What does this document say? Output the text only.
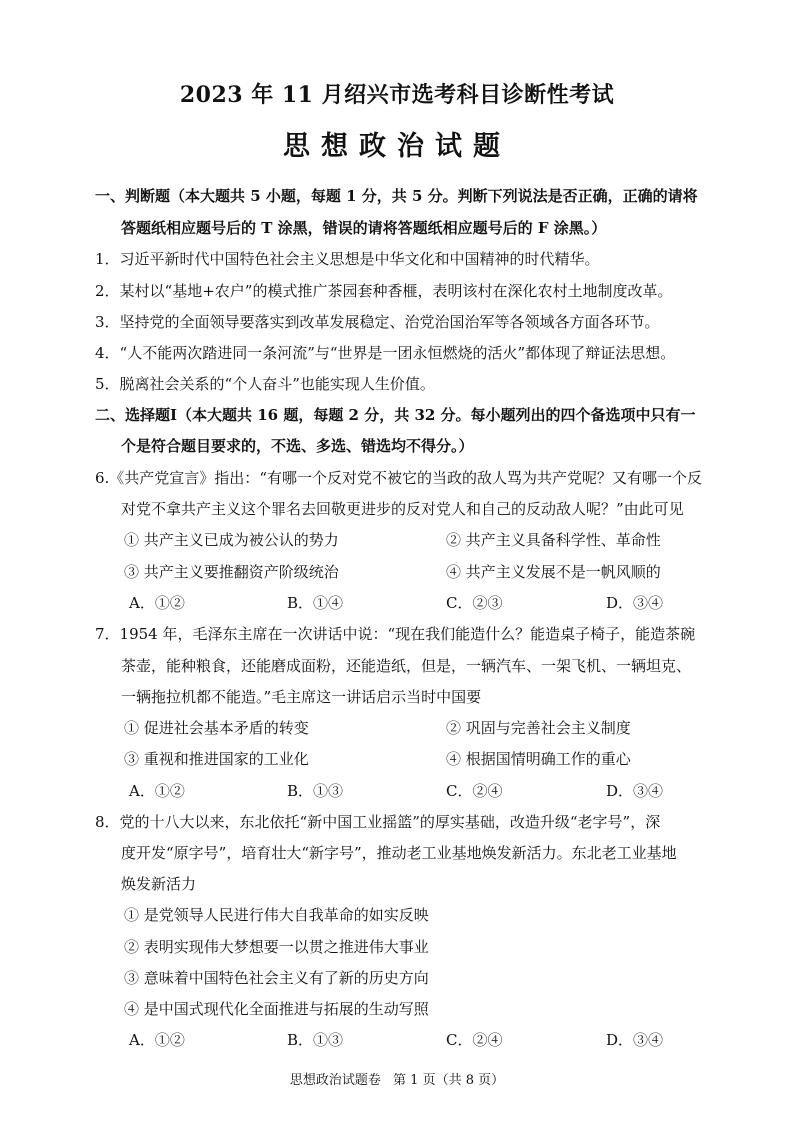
2023 年 11 月绍兴市选考科目诊断性考试
思想政治试题
一、判断题（本大题共 5 小题，每题 1 分，共 5 分。判断下列说法是否正确，正确的请将
答题纸相应题号后的 T 涂黑，错误的请将答题纸相应题号后的 F 涂黑。）
1．习近平新时代中国特色社会主义思想是中华文化和中国精神的时代精华。
2．某村以“基地+农户”的模式推广茶园套种香榧，表明该村在深化农村土地制度改革。
3．坚持党的全面领导要落实到改革发展稳定、治党治国治军等各领域各方面各环节。
4．“人不能两次踏进同一条河流”与“世界是一团永恒燃烧的活火”都体现了辩证法思想。
5．脱离社会关系的“个人奋斗”也能实现人生价值。
二、选择题Ⅰ（本大题共 16 题，每题 2 分，共 32 分。每小题列出的四个备选项中只有一
个是符合题目要求的，不选、多选、错选均不得分。）
6.《共产党宣言》指出：“有哪一个反对党不被它的当政的敌人骂为共产党呢？又有哪一个反
对党不拿共产主义这个罪名去回敬更进步的反对党人和自己的反动敌人呢？”由此可见
① 共产主义已成为被公认的势力	② 共产主义具备科学性、革命性
③ 共产主义要推翻资产阶级统治	④ 共产主义发展不是一帆风顺的
A．①②	B．①④	C．②③	D．③④
7．1954 年，毛泽东主席在一次讲话中说：“现在我们能造什么？能造桌子椅子，能造茶碗
茶壶，能种粮食，还能磨成面粉，还能造纸，但是，一辆汽车、一架飞机、一辆坦克、
一辆拖拉机都不能造。”毛主席这一讲话启示当时中国要
① 促进社会基本矛盾的转变	② 巩固与完善社会主义制度
③ 重视和推进国家的工业化	④ 根据国情明确工作的重心
A．①②	B．①③	C．②④	D．③④
8．党的十八大以来，东北依托“新中国工业摇篮”的厚实基础，改造升级“老字号”，深
度开发“原字号”，培育壮大“新字号”，推动老工业基地焕发新活力。东北老工业基地
焕发新活力
① 是党领导人民进行伟大自我革命的如实反映
② 表明实现伟大梦想要一以贯之推进伟大事业
③ 意味着中国特色社会主义有了新的历史方向
④ 是中国式现代化全面推进与拓展的生动写照
A．①②	B．①③	C．②④	D．③④
思想政治试题卷 第 1 页（共 8 页）
